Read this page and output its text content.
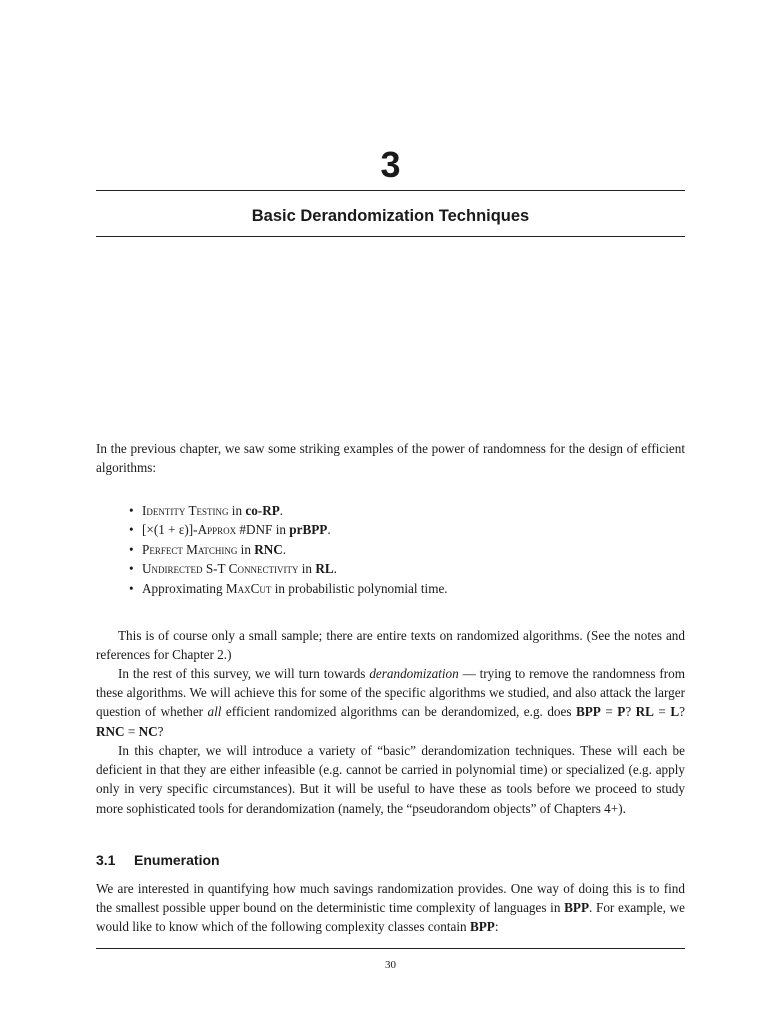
3
Basic Derandomization Techniques
In the previous chapter, we saw some striking examples of the power of randomness for the design of efficient algorithms:
• Identity Testing in co-RP.
• [×(1 + ε)]-Approx #DNF in prBPP.
• Perfect Matching in RNC.
• Undirected S-T Connectivity in RL.
• Approximating MaxCut in probabilistic polynomial time.
This is of course only a small sample; there are entire texts on randomized algorithms. (See the notes and references for Chapter 2.)
In the rest of this survey, we will turn towards derandomization — trying to remove the randomness from these algorithms. We will achieve this for some of the specific algorithms we studied, and also attack the larger question of whether all efficient randomized algorithms can be derandomized, e.g. does BPP = P? RL = L? RNC = NC?
In this chapter, we will introduce a variety of “basic” derandomization techniques. These will each be deficient in that they are either infeasible (e.g. cannot be carried in polynomial time) or specialized (e.g. apply only in very specific circumstances). But it will be useful to have these as tools before we proceed to study more sophisticated tools for derandomization (namely, the “pseudorandom objects” of Chapters 4+).
3.1 Enumeration
We are interested in quantifying how much savings randomization provides. One way of doing this is to find the smallest possible upper bound on the deterministic time complexity of languages in BPP. For example, we would like to know which of the following complexity classes contain BPP:
30
